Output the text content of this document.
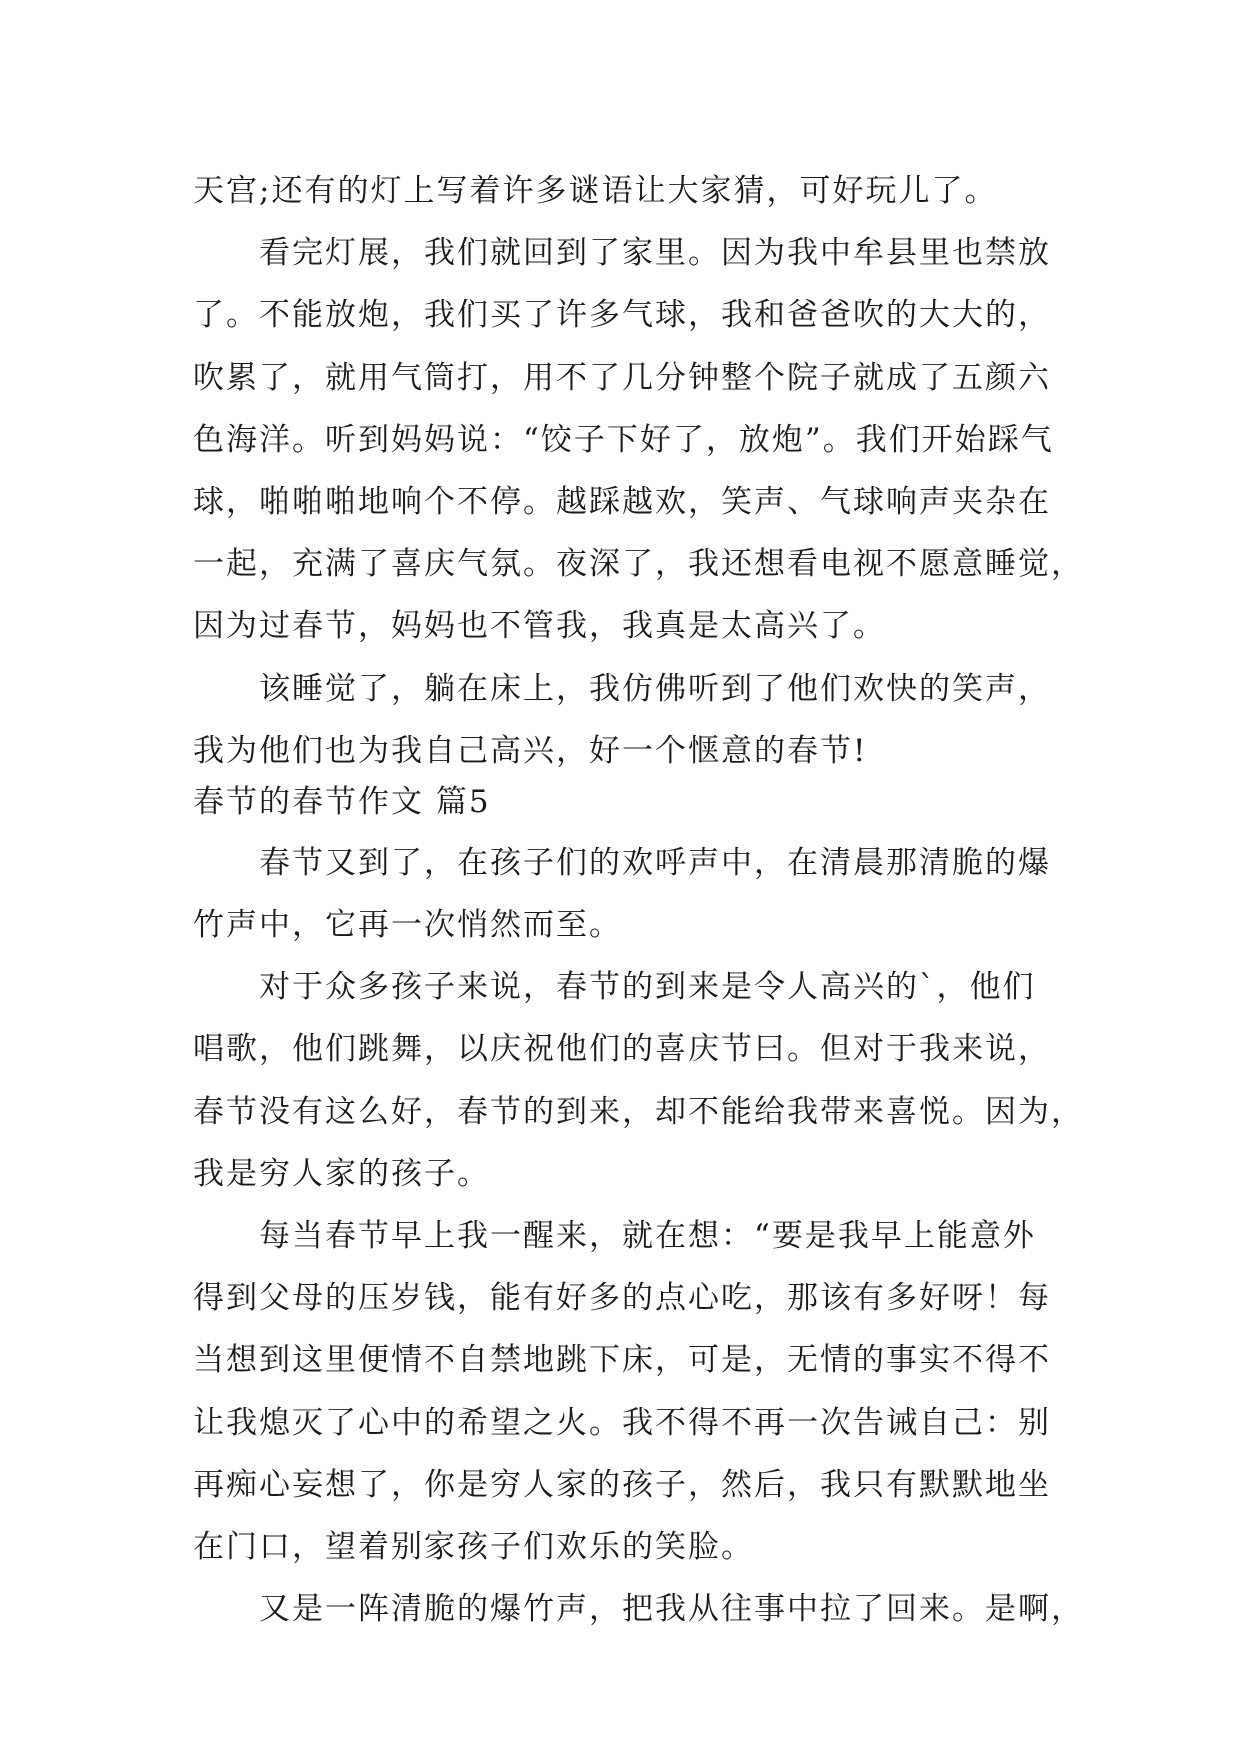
天宫;还有的灯上写着许多谜语让大家猜，可好玩儿了。
　　看完灯展，我们就回到了家里。因为我中牟县里也禁放
了。不能放炮，我们买了许多气球，我和爸爸吹的大大的，
吹累了，就用气筒打，用不了几分钟整个院子就成了五颜六
色海洋。听到妈妈说：“饺子下好了，放炮”。我们开始踩气
球，啪啪啪地响个不停。越踩越欢，笑声、气球响声夹杂在
一起，充满了喜庆气氛。夜深了，我还想看电视不愿意睡觉，
因为过春节，妈妈也不管我，我真是太高兴了。
　　该睡觉了，躺在床上，我仿佛听到了他们欢快的笑声，
我为他们也为我自己高兴，好一个惬意的春节!
春节的春节作文 篇5
　　春节又到了，在孩子们的欢呼声中，在清晨那清脆的爆
竹声中，它再一次悄然而至。
　　对于众多孩子来说，春节的到来是令人高兴的`，他们
唱歌，他们跳舞，以庆祝他们的喜庆节曰。但对于我来说，
春节没有这么好，春节的到来，却不能给我带来喜悦。因为，
我是穷人家的孩子。
　　每当春节早上我一醒来，就在想：“要是我早上能意外
得到父母的压岁钱，能有好多的点心吃，那该有多好呀！每
当想到这里便情不自禁地跳下床，可是，无情的事实不得不
让我熄灭了心中的希望之火。我不得不再一次告诫自己：别
再痴心妄想了，你是穷人家的孩子，然后，我只有默默地坐
在门口，望着别家孩子们欢乐的笑脸。
　　又是一阵清脆的爆竹声，把我从往事中拉了回来。是啊，
